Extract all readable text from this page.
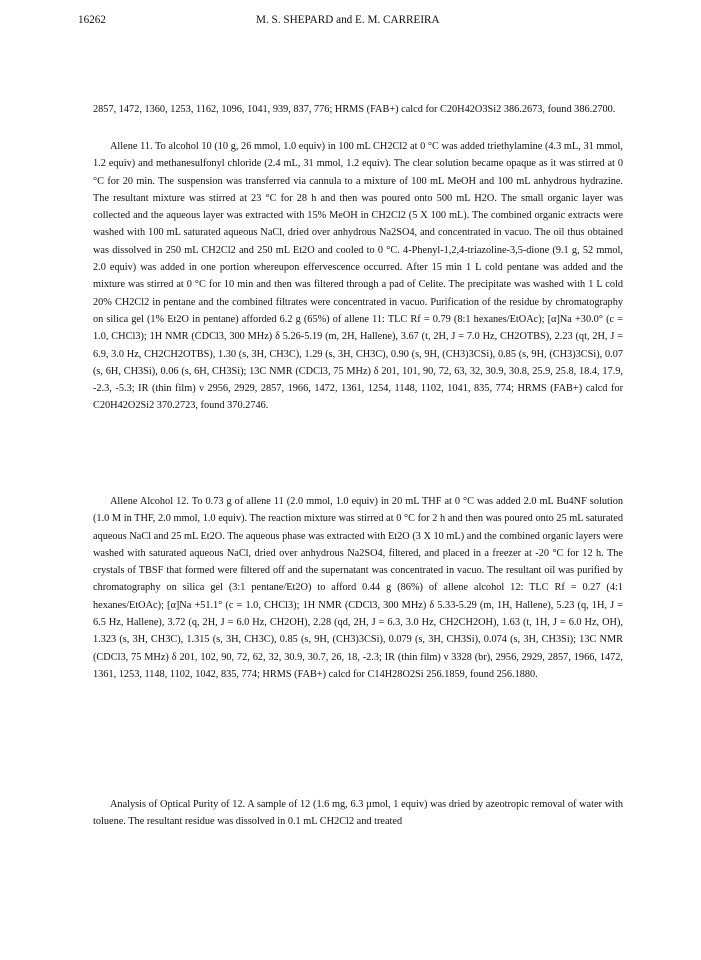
16262	M. S. SHEPARD and E. M. CARREIRA

2857, 1472, 1360, 1253, 1162, 1096, 1041, 939, 837, 776; HRMS (FAB+) calcd for C20H42O3Si2 386.2673, found 386.2700.

Allene 11. To alcohol 10 (10 g, 26 mmol, 1.0 equiv) in 100 mL CH2Cl2 at 0 °C was added triethylamine (4.3 mL, 31 mmol, 1.2 equiv) and methanesulfonyl chloride (2.4 mL, 31 mmol, 1.2 equiv). The clear solution became opaque as it was stirred at 0 °C for 20 min. The suspension was transferred via cannula to a mixture of 100 mL MeOH and 100 mL anhydrous hydrazine. The resultant mixture was stirred at 23 °C for 28 h and then was poured onto 500 mL H2O. The small organic layer was collected and the aqueous layer was extracted with 15% MeOH in CH2Cl2 (5 X 100 mL). The combined organic extracts were washed with 100 mL saturated aqueous NaCl, dried over anhydrous Na2SO4, and concentrated in vacuo. The oil thus obtained was dissolved in 250 mL CH2Cl2 and 250 mL Et2O and cooled to 0 °C. 4-Phenyl-1,2,4-triazoline-3,5-dione (9.1 g, 52 mmol, 2.0 equiv) was added in one portion whereupon effervescence occurred. After 15 min 1 L cold pentane was added and the mixture was stirred at 0 °C for 10 min and then was filtered through a pad of Celite. The precipitate was washed with 1 L cold 20% CH2Cl2 in pentane and the combined filtrates were concentrated in vacuo. Purification of the residue by chromatography on silica gel (1% Et2O in pentane) afforded 6.2 g (65%) of allene 11: TLC Rf = 0.79 (8:1 hexanes/EtOAc); [α]Na +30.0° (c = 1.0, CHCl3); 1H NMR (CDCl3, 300 MHz) δ 5.26-5.19 (m, 2H, Hallene), 3.67 (t, 2H, J = 7.0 Hz, CH2OTBS), 2.23 (qt, 2H, J = 6.9, 3.0 Hz, CH2CH2OTBS), 1.30 (s, 3H, CH3C), 1.29 (s, 3H, CH3C), 0.90 (s, 9H, (CH3)3CSi), 0.85 (s, 9H, (CH3)3CSi), 0.07 (s, 6H, CH3Si), 0.06 (s, 6H, CH3Si); 13C NMR (CDCl3, 75 MHz) δ 201, 101, 90, 72, 63, 32, 30.9, 30.8, 25.9, 25.8, 18.4, 17.9, -2.3, -5.3; IR (thin film) ν 2956, 2929, 2857, 1966, 1472, 1361, 1254, 1148, 1102, 1041, 835, 774; HRMS (FAB+) calcd for C20H42O2Si2 370.2723, found 370.2746.

Allene Alcohol 12. To 0.73 g of allene 11 (2.0 mmol, 1.0 equiv) in 20 mL THF at 0 °C was added 2.0 mL Bu4NF solution (1.0 M in THF, 2.0 mmol, 1.0 equiv). The reaction mixture was stirred at 0 °C for 2 h and then was poured onto 25 mL saturated aqueous NaCl and 25 mL Et2O. The aqueous phase was extracted with Et2O (3 X 10 mL) and the combined organic layers were washed with saturated aqueous NaCl, dried over anhydrous Na2SO4, filtered, and placed in a freezer at -20 °C for 12 h. The crystals of TBSF that formed were filtered off and the supernatant was concentrated in vacuo. The resultant oil was purified by chromatography on silica gel (3:1 pentane/Et2O) to afford 0.44 g (86%) of allene alcohol 12: TLC Rf = 0.27 (4:1 hexanes/EtOAc); [α]Na +51.1° (c = 1.0, CHCl3); 1H NMR (CDCl3, 300 MHz) δ 5.33-5.29 (m, 1H, Hallene), 5.23 (q, 1H, J = 6.5 Hz, Hallene), 3.72 (q, 2H, J = 6.0 Hz, CH2OH), 2.28 (qd, 2H, J = 6.3, 3.0 Hz, CH2CH2OH), 1.63 (t, 1H, J = 6.0 Hz, OH), 1.323 (s, 3H, CH3C), 1.315 (s, 3H, CH3C), 0.85 (s, 9H, (CH3)3CSi), 0.079 (s, 3H, CH3Si), 0.074 (s, 3H, CH3Si); 13C NMR (CDCl3, 75 MHz) δ 201, 102, 90, 72, 62, 32, 30.9, 30.7, 26, 18, -2.3; IR (thin film) ν 3328 (br), 2956, 2929, 2857, 1966, 1472, 1361, 1253, 1148, 1102, 1042, 835, 774; HRMS (FAB+) calcd for C14H28O2Si 256.1859, found 256.1880.

Analysis of Optical Purity of 12. A sample of 12 (1.6 mg, 6.3 µmol, 1 equiv) was dried by azeotropic removal of water with toluene. The resultant residue was dissolved in 0.1 mL CH2Cl2 and treated
